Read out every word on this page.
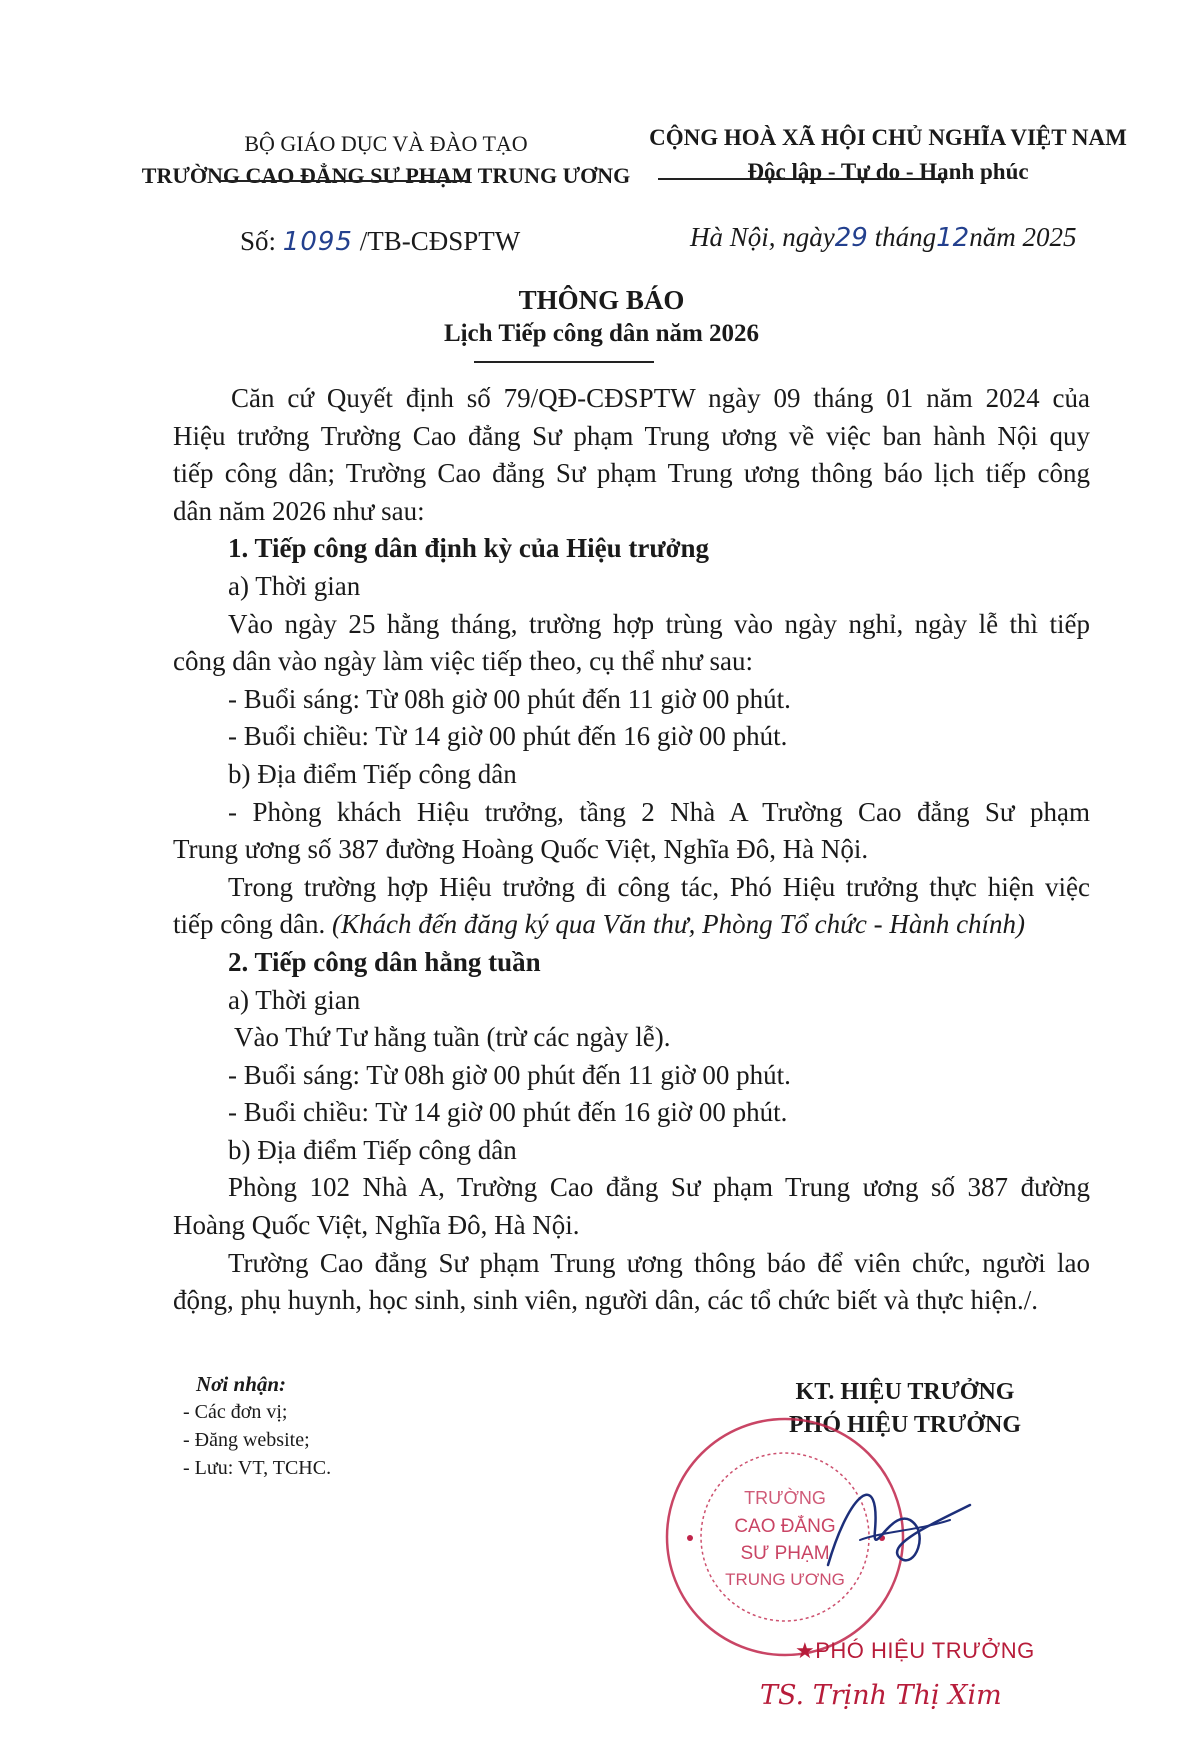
BỘ GIÁO DỤC VÀ ĐÀO TẠO
TRƯỜNG CAO ĐẲNG SƯ PHẠM TRUNG ƯƠNG
CỘNG HOÀ XÃ HỘI CHỦ NGHĨA VIỆT NAM
Độc lập - Tự do - Hạnh phúc
Số: 1095 /TB-CĐSPTW	Hà Nội, ngày29 tháng12năm 2025
THÔNG BÁO
Lịch Tiếp công dân năm 2026

Căn cứ Quyết định số 79/QĐ-CĐSPTW ngày 09 tháng 01 năm 2024 của

Hiệu trưởng Trường Cao đẳng Sư phạm Trung ương về việc ban hành Nội quy

tiếp công dân; Trường Cao đẳng Sư phạm Trung ương thông báo lịch tiếp công

dân năm 2026 như sau:

1. Tiếp công dân định kỳ của Hiệu trưởng

a) Thời gian

Vào ngày 25 hằng tháng, trường hợp trùng vào ngày nghỉ, ngày lễ thì tiếp

công dân vào ngày làm việc tiếp theo, cụ thể như sau:

- Buổi sáng: Từ 08h giờ 00 phút đến 11 giờ 00 phút.

- Buổi chiều: Từ 14 giờ 00 phút đến 16 giờ 00 phút.

b) Địa điểm Tiếp công dân

- Phòng khách Hiệu trưởng, tầng 2 Nhà A Trường Cao đẳng Sư phạm

Trung ương số 387 đường Hoàng Quốc Việt, Nghĩa Đô, Hà Nội.

Trong trường hợp Hiệu trưởng đi công tác, Phó Hiệu trưởng thực hiện việc

tiếp công dân. (Khách đến đăng ký qua Văn thư, Phòng Tổ chức - Hành chính)

2. Tiếp công dân hằng tuần

a) Thời gian

Vào Thứ Tư hằng tuần (trừ các ngày lễ).

- Buổi sáng: Từ 08h giờ 00 phút đến 11 giờ 00 phút.

- Buổi chiều: Từ 14 giờ 00 phút đến 16 giờ 00 phút.

b) Địa điểm Tiếp công dân

Phòng 102 Nhà A, Trường Cao đẳng Sư phạm Trung ương số 387 đường

Hoàng Quốc Việt, Nghĩa Đô, Hà Nội.

Trường Cao đẳng Sư phạm Trung ương thông báo để viên chức, người lao

động, phụ huynh, học sinh, sinh viên, người dân, các tổ chức biết và thực hiện./.

Nơi nhận:
- Các đơn vị;
- Đăng website;
- Lưu: VT, TCHC.
KT. HIỆU TRƯỞNG
PHÓ HIỆU TRƯỞNG
TRƯỜNG
CAO ĐẲNG
SƯ PHẠM
TRUNG ƯƠNG
★PHÓ HIỆU TRƯỞNG
TS. Trịnh Thị Xim
